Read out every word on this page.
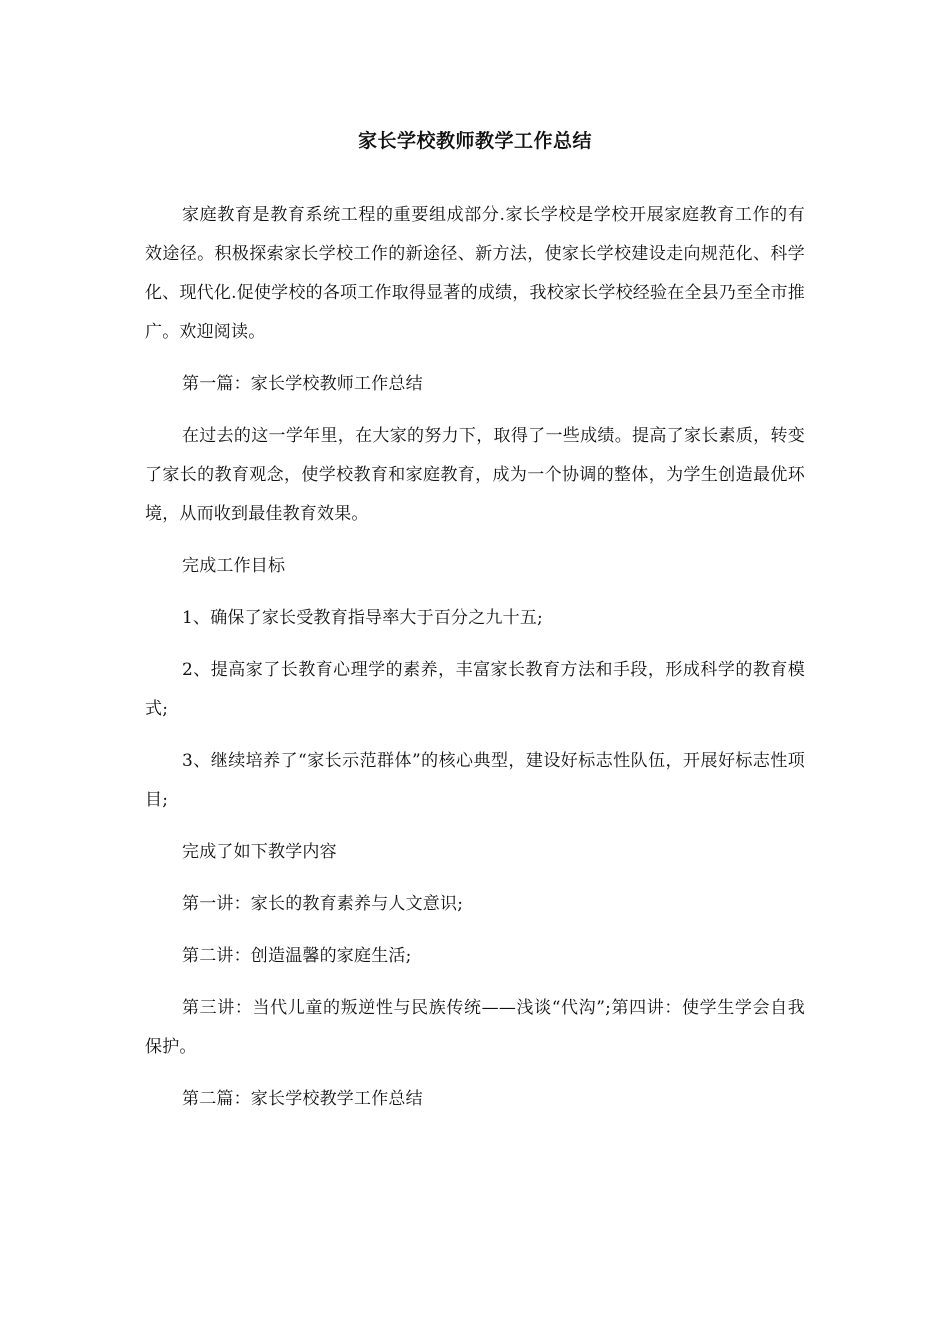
家长学校教师教学工作总结

家庭教育是教育系统工程的重要组成部分.家长学校是学校开展家庭教育工作的有效途径。积极探索家长学校工作的新途径、新方法，使家长学校建设走向规范化、科学化、现代化.促使学校的各项工作取得显著的成绩，我校家长学校经验在全县乃至全市推广。欢迎阅读。

第一篇：家长学校教师工作总结

在过去的这一学年里，在大家的努力下，取得了一些成绩。提高了家长素质，转变了家长的教育观念，使学校教育和家庭教育，成为一个协调的整体，为学生创造最优环境，从而收到最佳教育效果。

完成工作目标

1、确保了家长受教育指导率大于百分之九十五;

2、提高家了长教育心理学的素养，丰富家长教育方法和手段，形成科学的教育模式;

3、继续培养了“家长示范群体”的核心典型，建设好标志性队伍，开展好标志性项目;

完成了如下教学内容

第一讲：家长的教育素养与人文意识;

第二讲：创造温馨的家庭生活;

第三讲：当代儿童的叛逆性与民族传统——浅谈“代沟”;第四讲：使学生学会自我保护。

第二篇：家长学校教学工作总结
